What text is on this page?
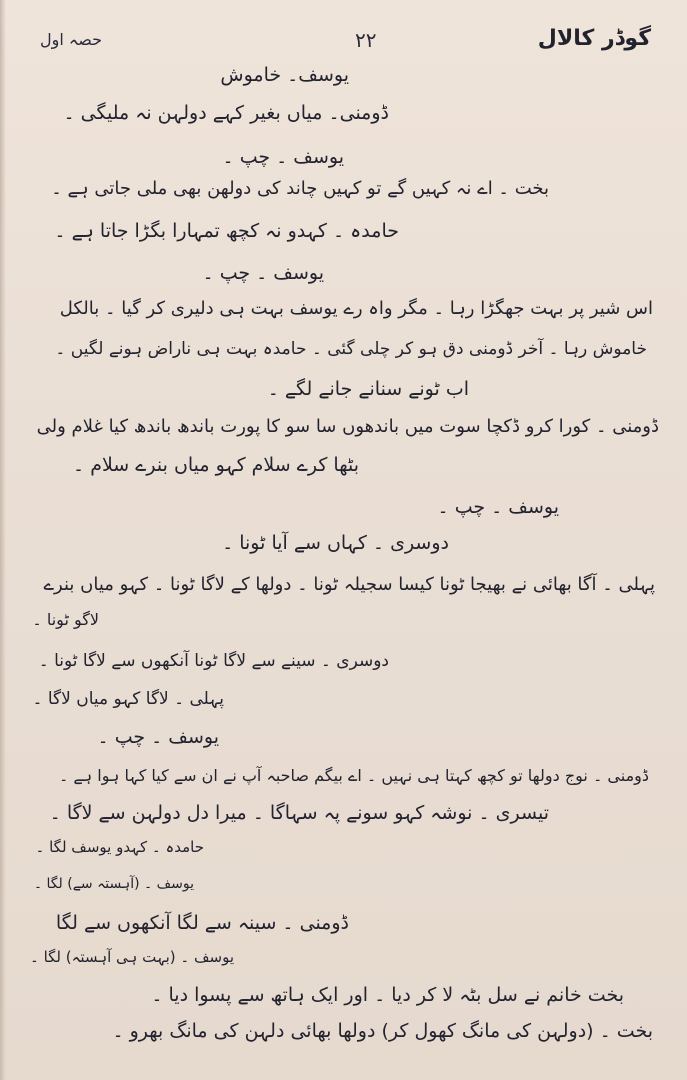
حصہ اول	۲۲	گوڈر کالال
یوسف۔ خاموش
ڈومنی۔ میاں بغیر کہے دولہن نہ ملیگی ۔
یوسف ۔ چپ ۔
بخت ۔ اے نہ کہیں گے تو کہیں چاند کی دولھن بھی ملی جاتی ہے ۔
حامدہ ۔ کہدو نہ کچھ تمہارا بگڑا جاتا ہے ۔
یوسف ۔ چپ ۔
اس شیر پر بہت جھگڑا رہا ۔ مگر واہ رے یوسف بہت ہی دلیری کر گیا ۔ بالکل
خاموش رہا ۔ آخر ڈومنی دق ہو کر چلی گئی ۔ حامدہ بہت ہی ناراض ہونے لگیں ۔
اب ٹونے سنانے جانے لگے ۔
ڈومنی ۔ کورا کرو ڈکچا سوت میں باندھوں سا سو کا پورت باندھ باندھ کیا غلام ولی
بٹھا کرے سلام کہو میاں بنرے سلام ۔
یوسف ۔ چپ ۔
دوسری ۔ کہاں سے آیا ٹونا ۔
پہلی ۔ آگا بھائی نے بھیجا ٹونا کیسا سجیلہ ٹونا ۔ دولھا کے لاگا ٹونا ۔ کہو میاں بنرے
لاگو ٹونا ۔
دوسری ۔ سینے سے لاگا ٹونا آنکھوں سے لاگا ٹونا ۔
پہلی ۔ لاگا کہو میاں لاگا ۔
یوسف ۔ چپ ۔
ڈومنی ۔ نوج دولھا تو کچھ کہتا ہی نہیں ۔ اے بیگم صاحبہ آپ نے ان سے کیا کہا ہوا ہے ۔
تیسری ۔ نوشہ کہو سونے پہ سہاگا ۔ میرا دل دولہن سے لاگا ۔
حامدہ ۔ کہدو یوسف لگا ۔
یوسف ۔ (آہستہ سے) لگا ۔
ڈومنی ۔ سینہ سے لگا آنکھوں سے لگا
یوسف ۔ (بہت ہی آہستہ) لگا ۔
بخت خانم نے سل بٹہ لا کر دیا ۔ اور ایک ہاتھ سے پسوا دیا ۔
بخت ۔ (دولہن کی مانگ کھول کر) دولھا بھائی دلہن کی مانگ بھرو ۔
